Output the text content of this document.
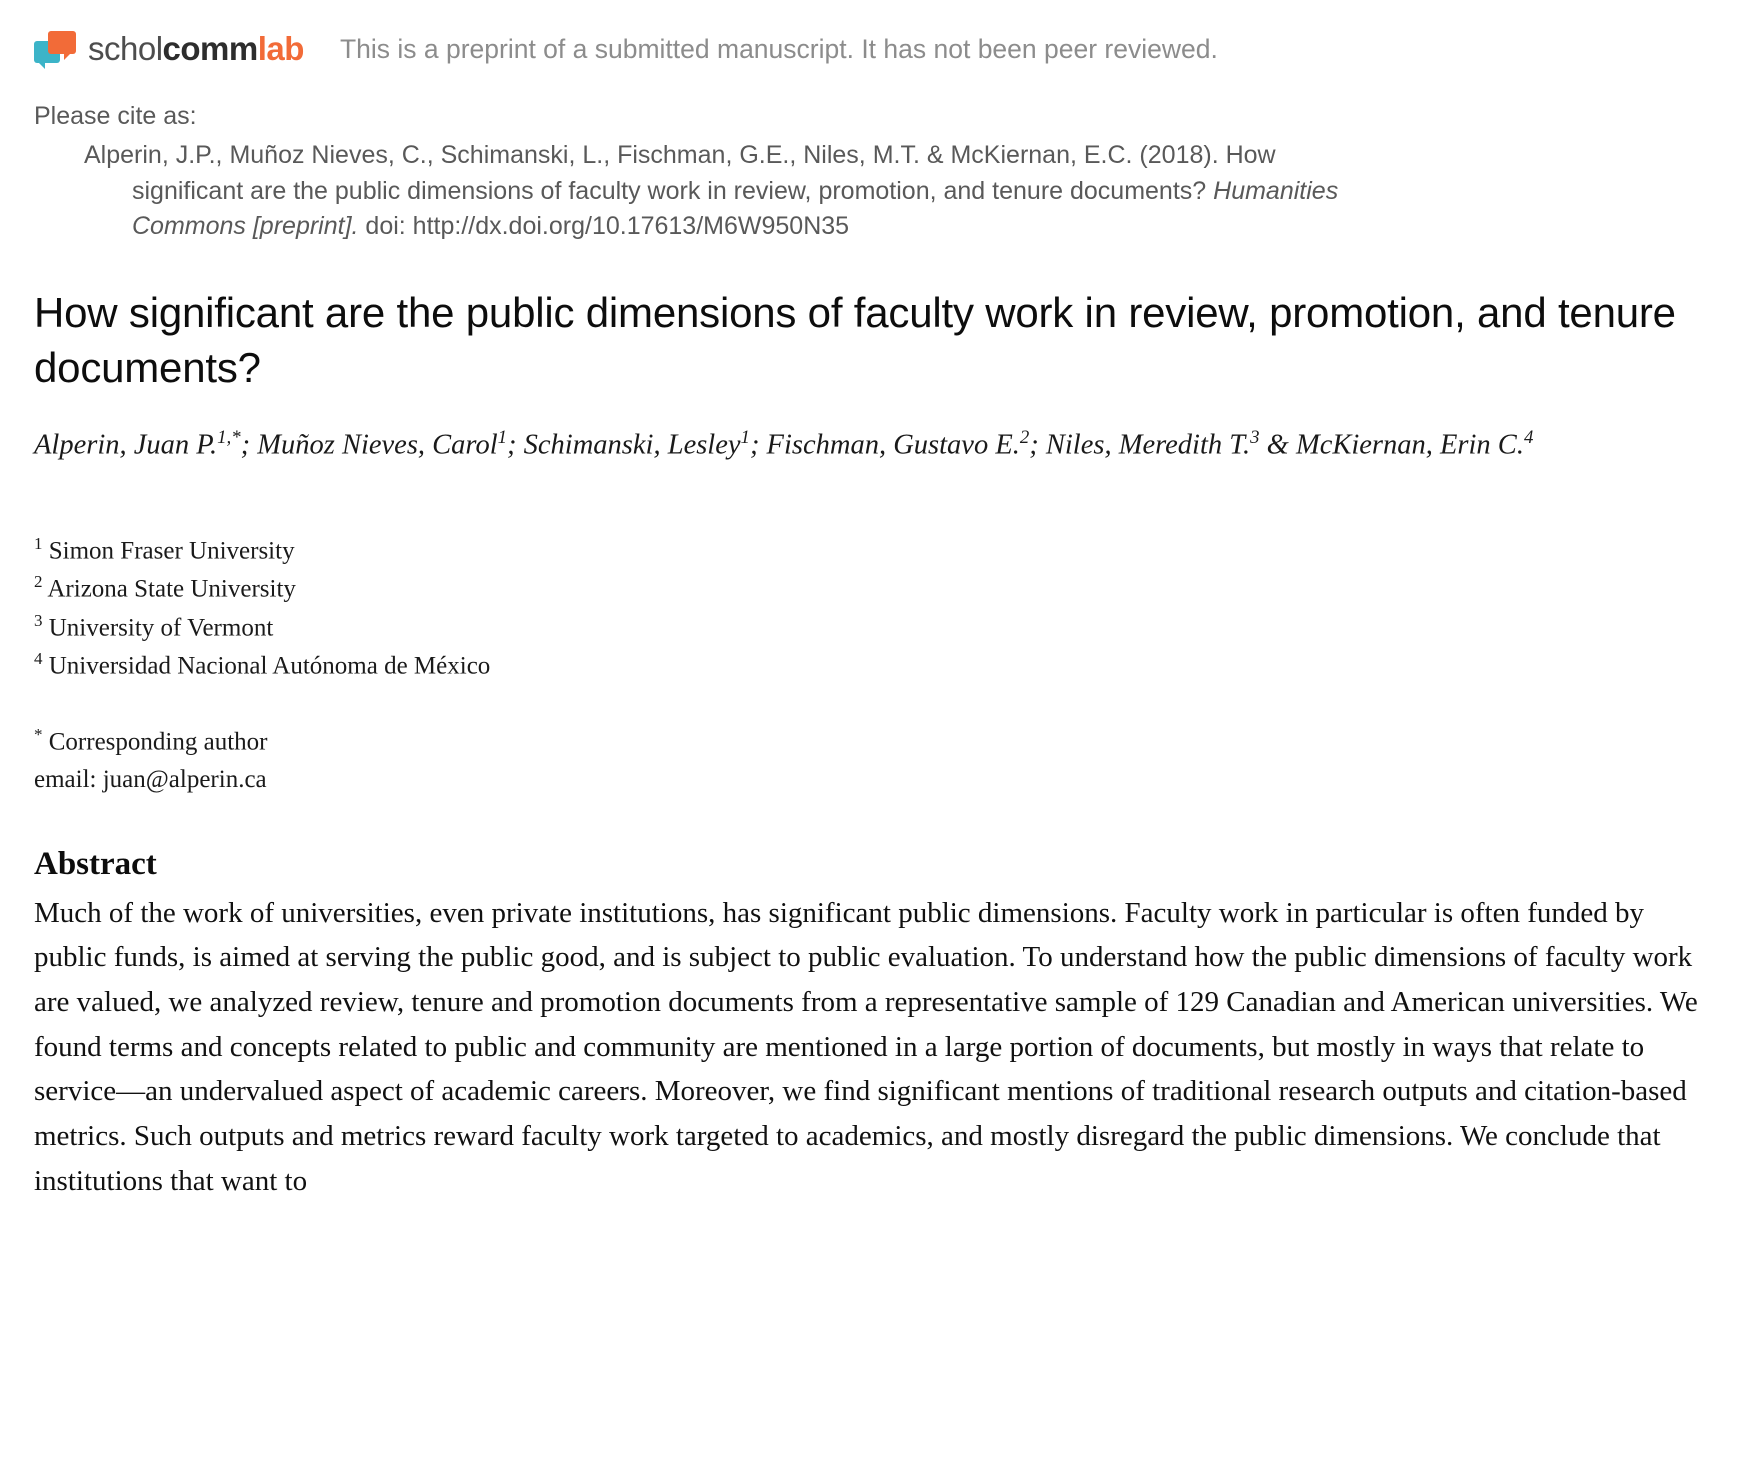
scholcommlab This is a preprint of a submitted manuscript. It has not been peer reviewed.
Please cite as:
Alperin, J.P., Muñoz Nieves, C., Schimanski, L., Fischman, G.E., Niles, M.T. & McKiernan, E.C. (2018). How
significant are the public dimensions of faculty work in review, promotion, and tenure documents? Humanities
Commons [preprint]. doi: http://dx.doi.org/10.17613/M6W950N35
How significant are the public dimensions of faculty work in review, promotion, and tenure documents?
Alperin, Juan P.$^{1,*}$; Muñoz Nieves, Carol$^1$; Schimanski, Lesley$^1$; Fischman, Gustavo E.$^2$; Niles, Meredith T.$^3$ & McKiernan, Erin C.$^4$
$^1$ Simon Fraser University
$^2$ Arizona State University
$^3$ University of Vermont
$^4$ Universidad Nacional Autónoma de México
* Corresponding author
email: juan@alperin.ca
Abstract
Much of the work of universities, even private institutions, has significant public dimensions. Faculty work in particular is often funded by public funds, is aimed at serving the public good, and is subject to public evaluation. To understand how the public dimensions of faculty work are valued, we analyzed review, tenure and promotion documents from a representative sample of 129 Canadian and American universities. We found terms and concepts related to public and community are mentioned in a large portion of documents, but mostly in ways that relate to service—an undervalued aspect of academic careers. Moreover, we find significant mentions of traditional research outputs and citation-based metrics. Such outputs and metrics reward faculty work targeted to academics, and mostly disregard the public dimensions. We conclude that institutions that want to
